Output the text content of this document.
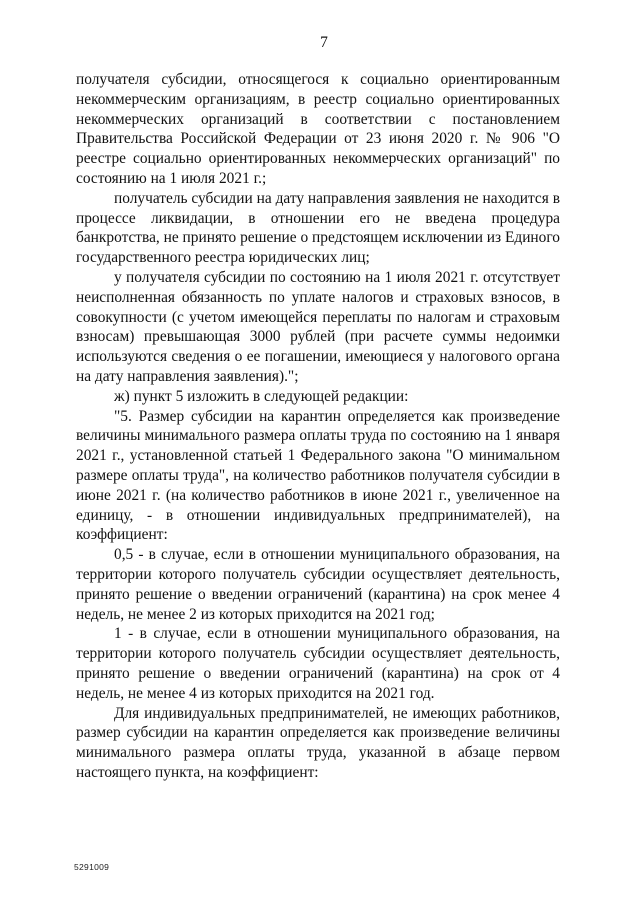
7

получателя субсидии, относящегося к социально ориентированным некоммерческим организациям, в реестр социально ориентированных некоммерческих организаций в соответствии с постановлением Правительства Российской Федерации от 23 июня 2020 г. № 906 "О реестре социально ориентированных некоммерческих организаций" по состоянию на 1 июля 2021 г.;

получатель субсидии на дату направления заявления не находится в процессе ликвидации, в отношении его не введена процедура банкротства, не принято решение о предстоящем исключении из Единого государственного реестра юридических лиц;

у получателя субсидии по состоянию на 1 июля 2021 г. отсутствует неисполненная обязанность по уплате налогов и страховых взносов, в совокупности (с учетом имеющейся переплаты по налогам и страховым взносам) превышающая 3000 рублей (при расчете суммы недоимки используются сведения о ее погашении, имеющиеся у налогового органа на дату направления заявления).";

ж) пункт 5 изложить в следующей редакции:

"5. Размер субсидии на карантин определяется как произведение величины минимального размера оплаты труда по состоянию на 1 января 2021 г., установленной статьей 1 Федерального закона "О минимальном размере оплаты труда", на количество работников получателя субсидии в июне 2021 г. (на количество работников в июне 2021 г., увеличенное на единицу, - в отношении индивидуальных предпринимателей), на коэффициент:

0,5 - в случае, если в отношении муниципального образования, на территории которого получатель субсидии осуществляет деятельность, принято решение о введении ограничений (карантина) на срок менее 4 недель, не менее 2 из которых приходится на 2021 год;

1 - в случае, если в отношении муниципального образования, на территории которого получатель субсидии осуществляет деятельность, принято решение о введении ограничений (карантина) на срок от 4 недель, не менее 4 из которых приходится на 2021 год.

Для индивидуальных предпринимателей, не имеющих работников, размер субсидии на карантин определяется как произведение величины минимального размера оплаты труда, указанной в абзаце первом настоящего пункта, на коэффициент:

5291009
